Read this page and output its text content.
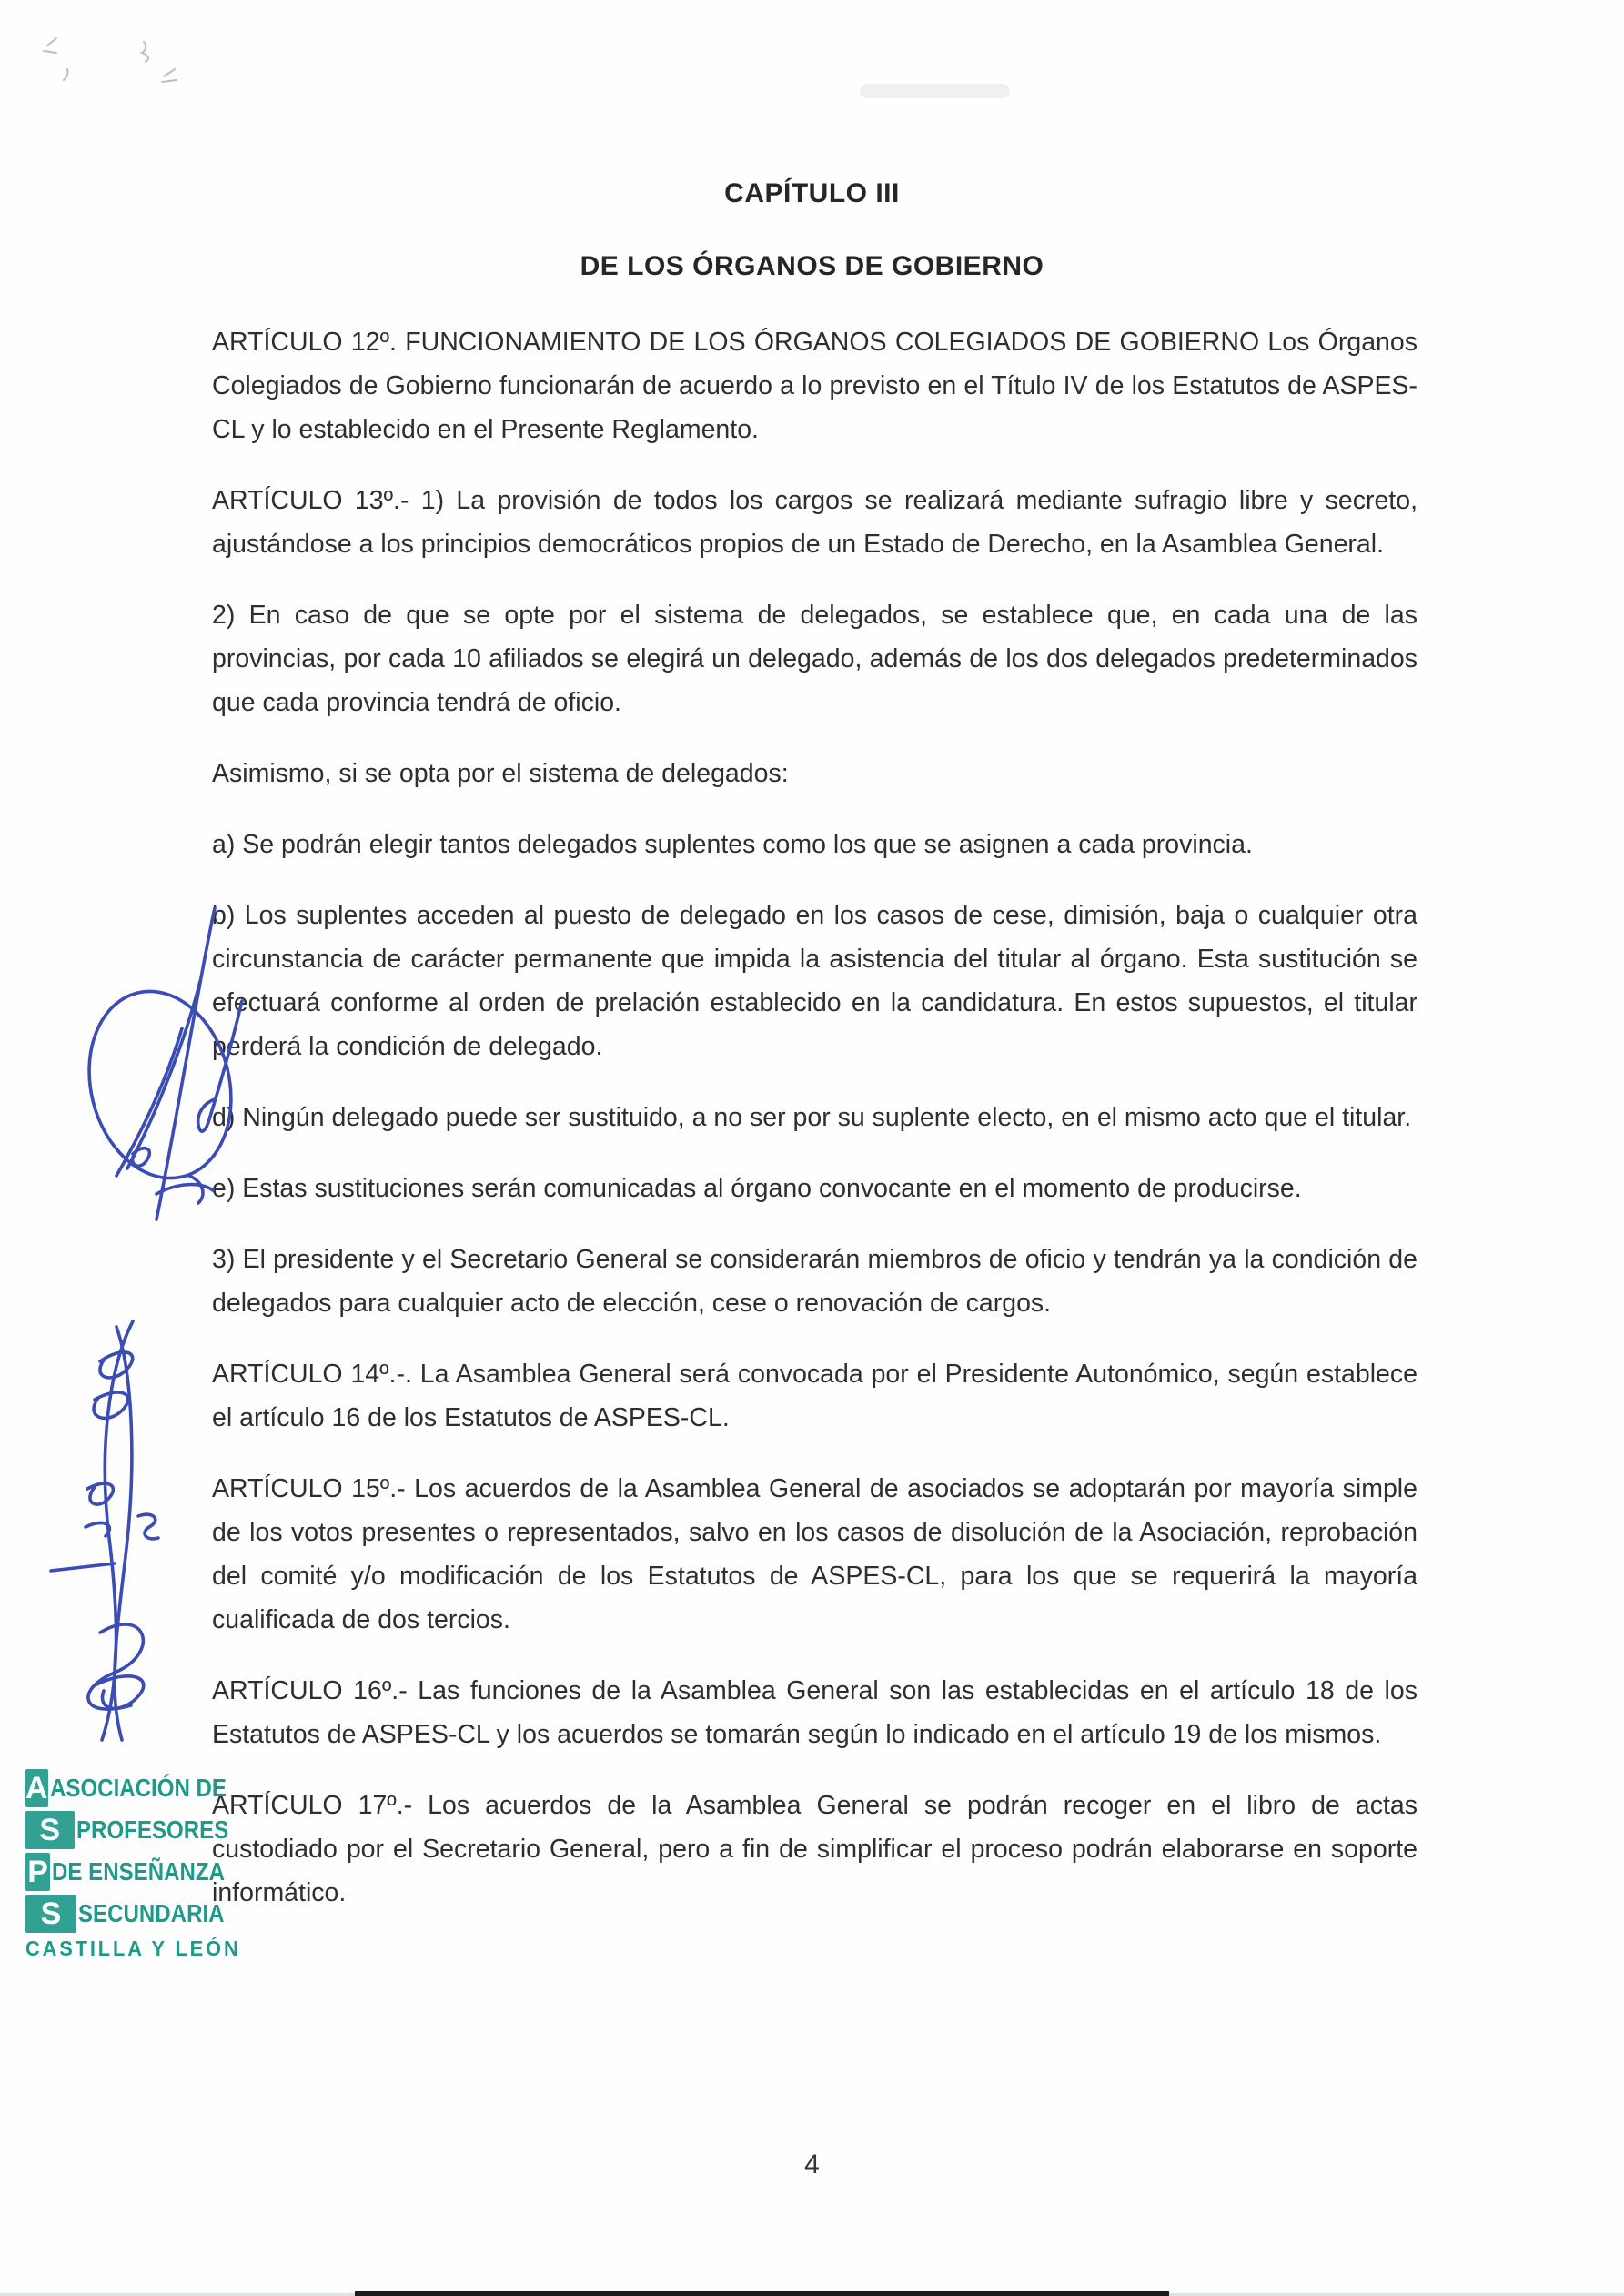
CAPÍTULO III
DE LOS ÓRGANOS DE GOBIERNO

ARTÍCULO 12º. FUNCIONAMIENTO DE LOS ÓRGANOS COLEGIADOS DE GOBIERNO Los Órganos Colegiados de Gobierno funcionarán de acuerdo a lo previsto en el Título IV de los Estatutos de ASPES-CL y lo establecido en el Presente Reglamento.

ARTÍCULO 13º.- 1) La provisión de todos los cargos se realizará mediante sufragio libre y secreto, ajustándose a los principios democráticos propios de un Estado de Derecho, en la Asamblea General.

2) En caso de que se opte por el sistema de delegados, se establece que, en cada una de las provincias, por cada 10 afiliados se elegirá un delegado, además de los dos delegados predeterminados que cada provincia tendrá de oficio.

Asimismo, si se opta por el sistema de delegados:

a) Se podrán elegir tantos delegados suplentes como los que se asignen a cada provincia.

b) Los suplentes acceden al puesto de delegado en los casos de cese, dimisión, baja o cualquier otra circunstancia de carácter permanente que impida la asistencia del titular al órgano. Esta sustitución se efectuará conforme al orden de prelación establecido en la candidatura. En estos supuestos, el titular perderá la condición de delegado.

d) Ningún delegado puede ser sustituido, a no ser por su suplente electo, en el mismo acto que el titular.

e) Estas sustituciones serán comunicadas al órgano convocante en el momento de producirse.

3) El presidente y el Secretario General se considerarán miembros de oficio y tendrán ya la condición de delegados para cualquier acto de elección, cese o renovación de cargos.

ARTÍCULO 14º.-. La Asamblea General será convocada por el Presidente Autonómico, según establece el artículo 16 de los Estatutos de ASPES-CL.

ARTÍCULO 15º.- Los acuerdos de la Asamblea General de asociados se adoptarán por mayoría simple de los votos presentes o representados, salvo en los casos de disolución de la Asociación, reprobación del comité y/o modificación de los Estatutos de ASPES-CL, para los que se requerirá la mayoría cualificada de dos tercios.

ARTÍCULO 16º.- Las funciones de la Asamblea General son las establecidas en el artículo 18 de los Estatutos de ASPES-CL y los acuerdos se tomarán según lo indicado en el artículo 19 de los mismos.

ARTÍCULO 17º.- Los acuerdos de la Asamblea General se podrán recoger en el libro de actas custodiado por el Secretario General, pero a fin de simplificar el proceso podrán elaborarse en soporte informático.

A ASOCIACIÓN DE
S PROFESORES
P DE ENSEÑANZA
S SECUNDARIA
CASTILLA Y LEÓN
4
